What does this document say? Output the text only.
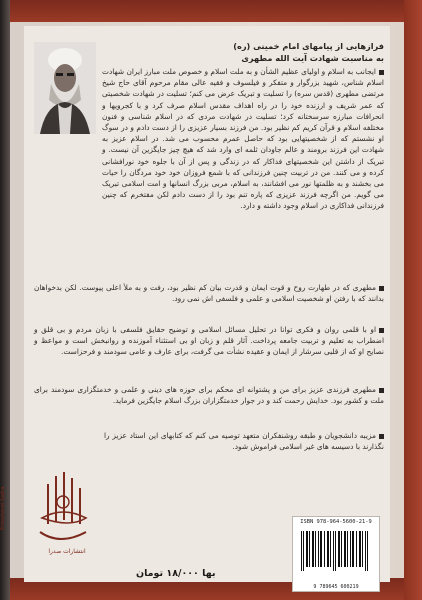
فرازهایی از پیامهای امام خمینی (ره)
به مناسبت شهادت آیت الله مطهری
ایجانب به اسلام و اولیای عظیم الشأن و به ملت اسلام و خصوص ملت مبارز ایران شهادت اسلام شناس، شهید بزرگوار و متفکر و فیلسوف و فقیه عالی مقام مرحوم آقای حاج شیخ مرتضی مطهری (قدس سره) را تسلیت و تبریک عرض می کنم؛ تسلیت در شهادت شخصیتی که عمر شریف و ارزنده خود را در راه اهداف مقدس اسلام صرف کرد و با کجرویها و انحرافات مبارزه سرسختانه کرد؛ تسلیت در شهادت مردی که در اسلام شناسی و فنون مختلفه اسلام و قرآن کریم کم نظیر بود. من فرزند بسیار عزیزی را از دست دادم و در سوگ او نشستم که از شخصیتهایی بود که حاصل عمرم محسوب می شد. در اسلام عزیز به شهادت این فرزند برومند و عالم جاودان ثلمه ای وارد شد که هیچ چیز جایگزین آن نیست. و تبریک از داشتن این شخصیتهای فداکار که در زندگی و پس از آن با جلوه خود نورافشانی کرده و می کنند. من در تربیت چنین فرزندانی که با شمع فروزان خود خود مردگان را حیات می بخشند و به ظلمتها نور می افشانند، به اسلام، مربی بزرگ انسانها و امت اسلامی تبریک می گویم. من اگرچه فرزند عزیزی که پاره تنم بود را از دست دادم لکن مفتخرم که چنین فرزندانی فداکاری در اسلام وجود داشته و دارد.
مطهری که در طهارت روح و قوت ایمان و قدرت بیان کم نظیر بود، رفت و به ملأ اعلی پیوست. لکن بدخواهان بدانند که با رفتن او شخصیت اسلامی و علمی و فلسفی اش نمی رود.
او با قلمی روان و فکری توانا در تحلیل مسائل اسلامی و توضیح حقایق فلسفی با زبان مردم و بی قلق و اضطراب به تعلیم و تربیت جامعه پرداخت. آثار قلم و زبان او بی استثناء آموزنده و روانبخش است و مواعظ و نصایح او که از قلبی سرشار از ایمان و عقیده نشأت می گرفت، برای عارف و عامی سودمند و فرحزاست.
مطهری فرزندی عزیز برای من و پشتوانه ای محکم برای حوزه های دینی و علمی و خدمتگزاری سودمند برای ملت و کشور بود. خدایش رحمت کند و در جوار خدمتگزاران بزرگ اسلام جایگزین فرماید.
مزیبه دانشجویان و طبقه روشنفکران متعهد توصیه می کنم که کتابهای این استاد عزیز را نگذارند با دسیسه های غیر اسلامی فراموش شود.
انتشارات صدرا
بها ۱۸/۰۰۰ تومان
ISBN 978-964-5600-21-9
9 789645 600219
Entesharat Sadra
